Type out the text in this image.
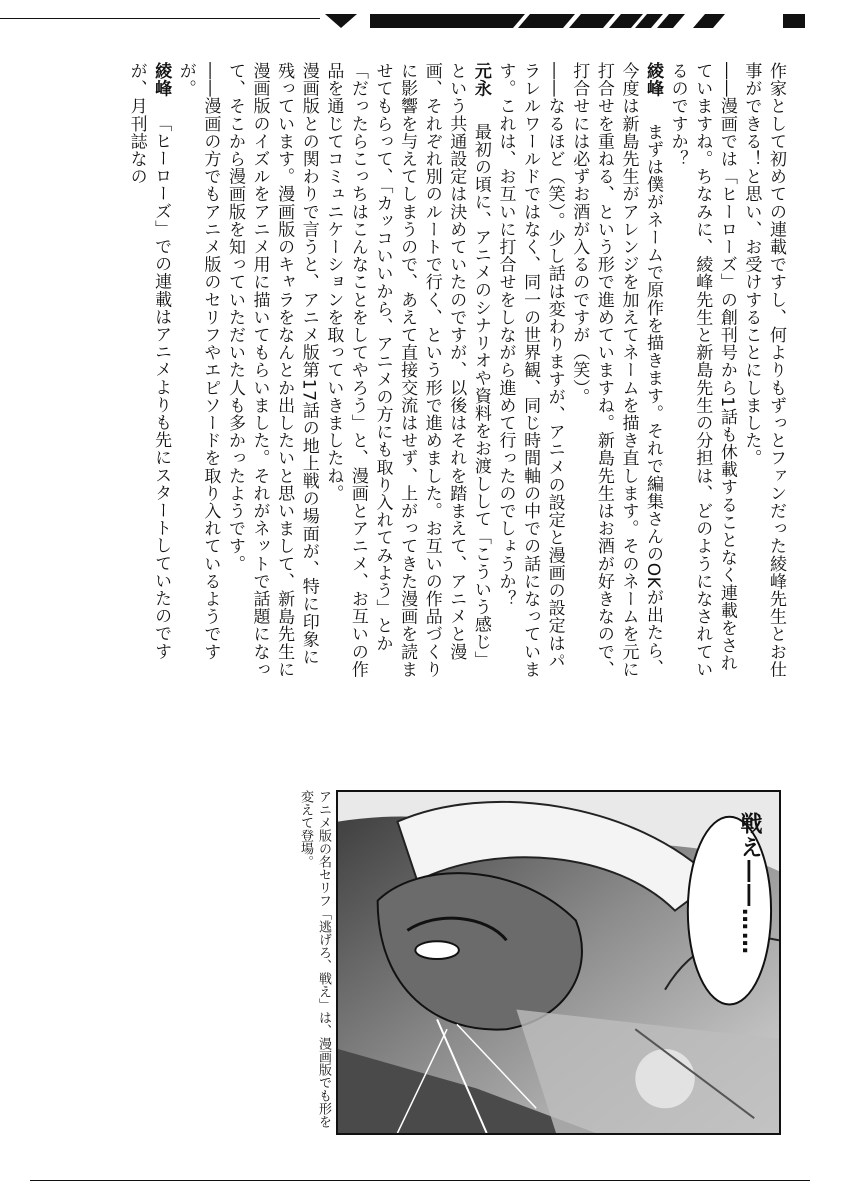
作家として初めての連載ですし、何よりもずっとファンだった綾峰先生とお仕事ができる！と思い、お受けすることにしました。

――漫画では「ヒーローズ」の創刊号から1話も休載することなく連載をされていますね。ちなみに、綾峰先生と新島先生の分担は、どのようになされているのですか？

綾峰　まずは僕がネームで原作を描きます。それで編集さんのOKが出たら、今度は新島先生がアレンジを加えてネームを描き直します。そのネームを元に打合せを重ねる、という形で進めていますね。新島先生はお酒が好きなので、打合せには必ずお酒が入るのですが（笑）。

――なるほど（笑）。少し話は変わりますが、アニメの設定と漫画の設定はパラレルワールドではなく、同一の世界観、同じ時間軸の中での話になっています。これは、お互いに打合せをしながら進めて行ったのでしょうか？

元永　最初の頃に、アニメのシナリオや資料をお渡しして「こういう感じ」という共通設定は決めていたのですが、以後はそれを踏まえて、アニメと漫画、それぞれ別のルートで行く、という形で進めました。お互いの作品づくりに影響を与えてしまうので、あえて直接交流はせず、上がってきた漫画を読ませてもらって、「カッコいいから、アニメの方にも取り入れてみよう」とか「だったらこっちはこんなことをしてやろう」と、漫画とアニメ、お互いの作品を通じてコミュニケーションを取っていきましたね。

漫画版との関わりで言うと、アニメ版第17話の地上戦の場面が、特に印象に残っています。漫画版のキャラをなんとか出したいと思いまして、新島先生に漫画版のイズルをアニメ用に描いてもらいました。それがネットで話題になって、そこから漫画版を知っていただいた人も多かったようです。

――漫画の方でもアニメ版のセリフやエピソードを取り入れているようですが。

綾峰　「ヒーローズ」での連載はアニメよりも先にスタートしていたのですが、月刊誌なの

アニメ版の名セリフ「逃げろ、戦え」は、漫画版でも形を変えて登場。	戦え――……
